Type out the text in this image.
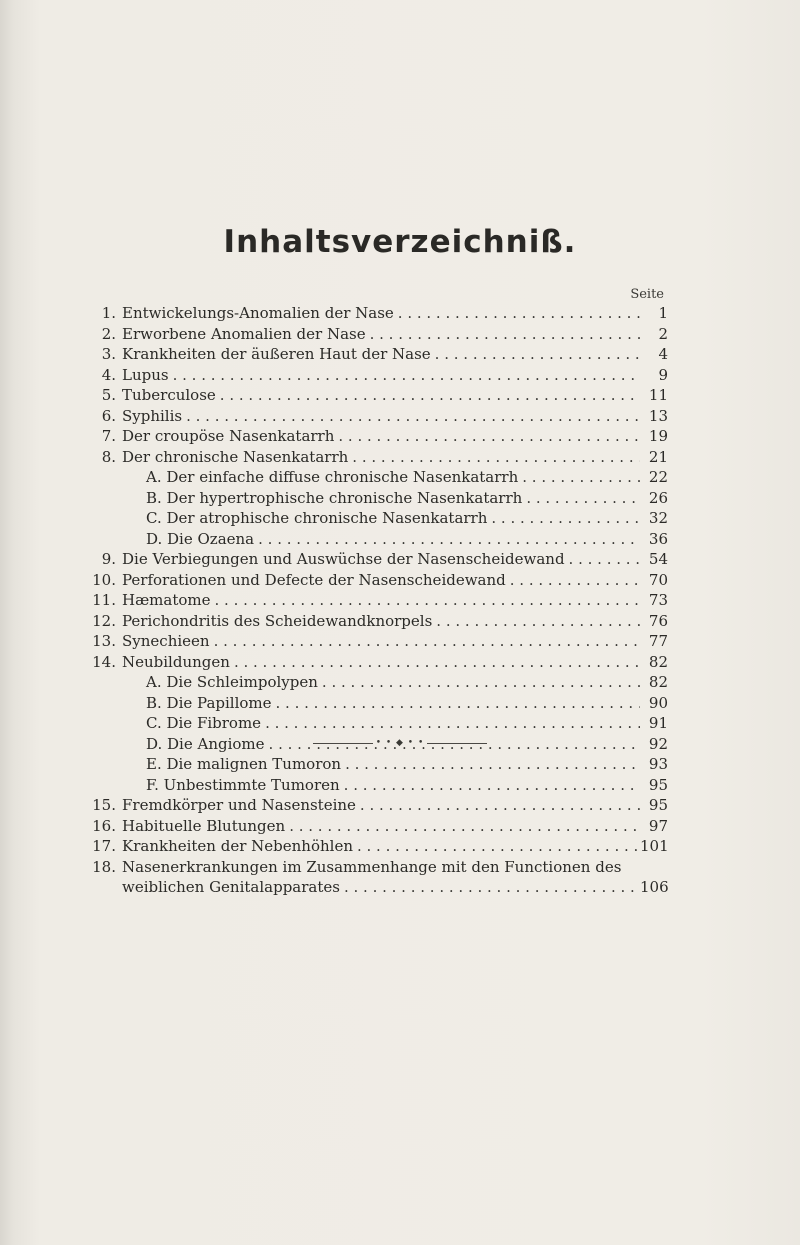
Inhaltsverzeichniß.
Seite
1. Entwickelungs-Anomalien der Nase . . .	1
2. Erworbene Anomalien der Nase . . .	2
3. Krankheiten der äußeren Haut der Nase . . .	4
4. Lupus . . .	9
5. Tuberculose . . .	11
6. Syphilis . . .	13
7. Der croupöse Nasenkatarrh . . .	19
8. Der chronische Nasenkatarrh . . .	21
A. Der einfache diffuse chronische Nasenkatarrh . . .	22
B. Der hypertrophische chronische Nasenkatarrh . . .	26
C. Der atrophische chronische Nasenkatarrh . . .	32
D. Die Ozaena . . .	36
9. Die Verbiegungen und Auswüchse der Nasenscheidewand . . .	54
10. Perforationen und Defecte der Nasenscheidewand . . .	70
11. Hæmatome . . .	73
12. Perichondritis des Scheidewandknorpels . . .	76
13. Synechieen . . .	77
14. Neubildungen . . .	82
A. Die Schleimpolypen . . .	82
B. Die Papillome . . .	90
C. Die Fibrome . . .	91
D. Die Angiome . . .	92
E. Die malignen Tumoron . . .	93
F. Unbestimmte Tumoren . . .	95
15. Fremdkörper und Nasensteine . . .	95
16. Habituelle Blutungen . . .	97
17. Krankheiten der Nebenhöhlen . . .	101
18. Nasenerkrankungen im Zusammenhange mit den Functionen des
weiblichen Genitalapparates . . .	106
• • ◆ • •
